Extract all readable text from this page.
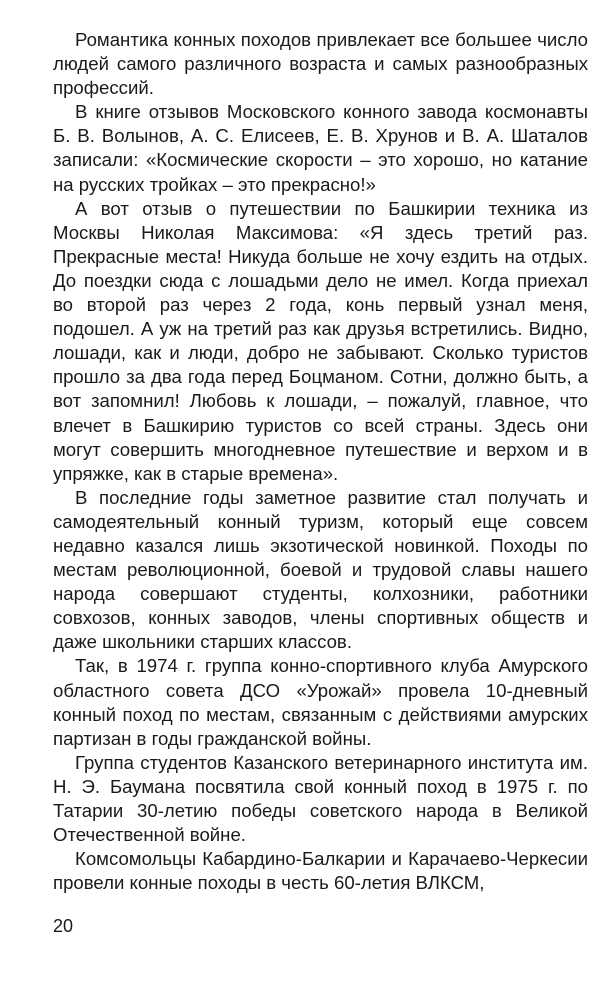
Романтика конных походов привлекает все большее число людей самого различного возраста и самых разнообразных профессий.

В книге отзывов Московского конного завода космонавты Б. В. Волынов, А. С. Елисеев, Е. В. Хрунов и В. А. Шаталов записали: «Космические скорости – это хорошо, но катание на русских тройках – это прекрасно!»

А вот отзыв о путешествии по Башкирии техника из Москвы Николая Максимова: «Я здесь третий раз. Прекрасные места! Никуда больше не хочу ездить на отдых. До поездки сюда с лошадьми дело не имел. Когда приехал во второй раз через 2 года, конь первый узнал меня, подошел. А уж на третий раз как друзья встретились. Видно, лошади, как и люди, добро не забывают. Сколько туристов прошло за два года перед Боцманом. Сотни, должно быть, а вот запомнил! Любовь к лошади, – пожалуй, главное, что влечет в Башкирию туристов со всей страны. Здесь они могут совершить многодневное путешествие и верхом и в упряжке, как в старые времена».

В последние годы заметное развитие стал получать и самодеятельный конный туризм, который еще совсем недавно казался лишь экзотической новинкой. Походы по местам революционной, боевой и трудовой славы нашего народа совершают студенты, колхозники, работники совхозов, конных заводов, члены спортивных обществ и даже школьники старших классов.

Так, в 1974 г. группа конно-спортивного клуба Амурского областного совета ДСО «Урожай» провела 10-дневный конный поход по местам, связанным с действиями амурских партизан в годы гражданской войны.

Группа студентов Казанского ветеринарного института им. Н. Э. Баумана посвятила свой конный поход в 1975 г. по Татарии 30-летию победы советского народа в Великой Отечественной войне.

Комсомольцы Кабардино-Балкарии и Карачаево-Черкесии провели конные походы в честь 60-летия ВЛКСМ,

20
